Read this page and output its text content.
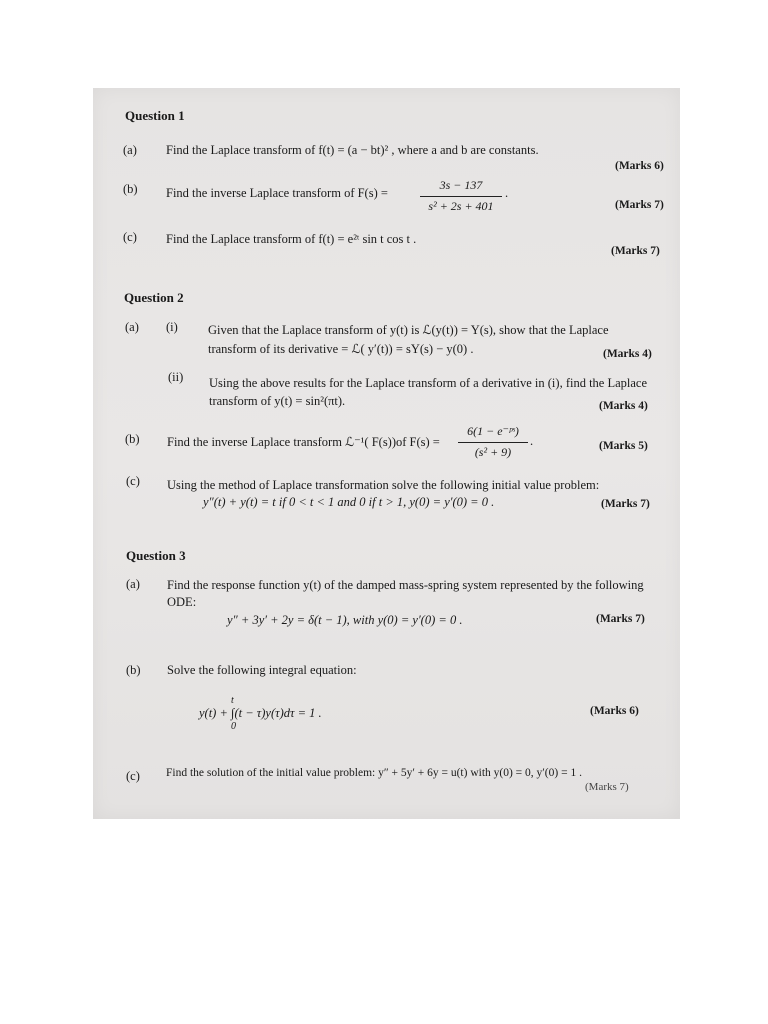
Question 1
(a) Find the Laplace transform of f(t) = (a − bt)² , where a and b are constants.
(Marks 6)
(b) Find the inverse Laplace transform of F(s) =
3s − 137
s² + 2s + 401
.
(Marks 7)
(c) Find the Laplace transform of f(t) = e²ᵗ sin t cos t .
(Marks 7)
Question 2
(a) (i) Given that the Laplace transform of y(t) is ℒ(y(t)) = Y(s), show that the Laplace
transform of its derivative = ℒ( y′(t)) = sY(s) − y(0) .	(Marks 4)
(ii) Using the above results for the Laplace transform of a derivative in (i), find the Laplace
transform of y(t) = sin²(πt).	(Marks 4)
(b) Find the inverse Laplace transform ℒ⁻¹( F(s))of F(s) =
6(1 − e⁻ᵖˢ)
(s² + 9)
.	(Marks 5)
(c) Using the method of Laplace transformation solve the following initial value problem:
y″(t) + y(t) = t if 0 < t < 1 and 0 if t > 1, y(0) = y′(0) = 0 .	(Marks 7)
Question 3
(a) Find the response function y(t) of the damped mass-spring system represented by the following
ODE:
y″ + 3y′ + 2y = δ(t − 1), with y(0) = y′(0) = 0 .	(Marks 7)
(b) Solve the following integral equation:
t
y(t) + ∫(t − τ)y(τ)dτ = 1 .
0
(Marks 6)
(c) Find the solution of the initial value problem: y″ + 5y′ + 6y = u(t) with y(0) = 0, y′(0) = 1 .
(Marks 7)
